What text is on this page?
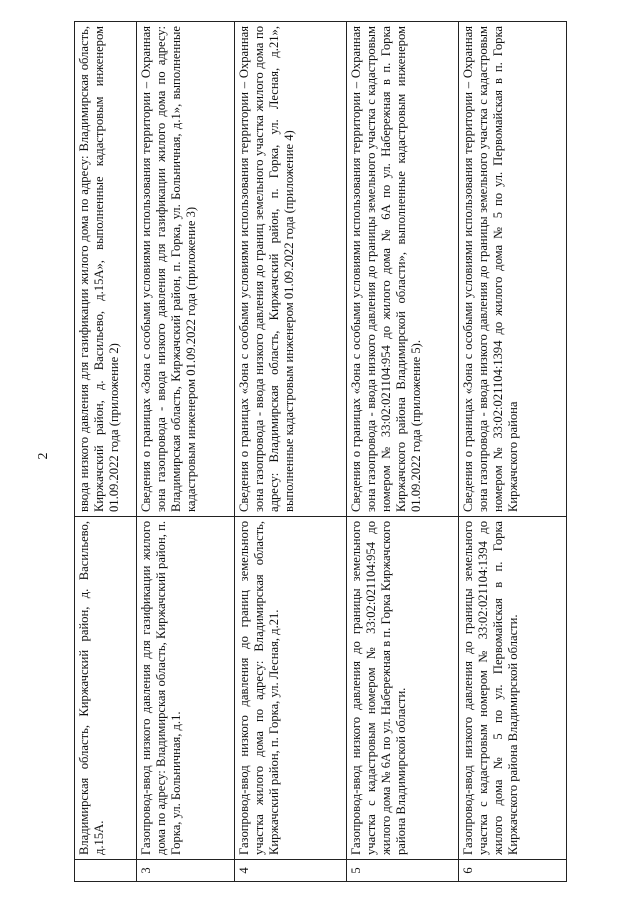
2
	Владимирская область, Киржачский район, д. Васильево, д.15А.	ввода низкого давления для газификации жилого дома по адресу: Владимирская область, Киржачский район, д. Васильево, д.15А», выполненные кадастровым инженером 01.09.2022 года (приложение 2)
3	Газопровод-ввод низкого давления для газификации жилого дома по адресу: Владимирская область, Киржачский район, п. Горка, ул. Больничная, д.1.	Сведения о границах «Зона с особыми условиями использования территории – Охранная зона газопровода - ввода низкого давления для газификации жилого дома по адресу: Владимирская область, Киржачский район, п. Горка, ул. Больничная, д.1», выполненные кадастровым инженером 01.09.2022 года (приложение 3)
4	Газопровод-ввод низкого давления до границ земельного участка жилого дома по адресу: Владимирская область, Киржачский район, п. Горка, ул. Лесная, д.21.	Сведения о границах «Зона с особыми условиями использования территории – Охранная зона газопровода - ввода низкого давления до границ земельного участка жилого дома по адресу: Владимирская область, Киржачский район, п. Горка, ул. Лесная, д.21», выполненные кадастровым инженером 01.09.2022 года (приложение 4)
5	Газопровод-ввод низкого давления до границы земельного участка с кадастровым номером № 33:02:021104:954 до жилого дома № 6А по ул. Набережная в п. Горка Киржачского района Владимирской области.	Сведения о границах «Зона с особыми условиями использования территории – Охранная зона газопровода - ввода низкого давления до границы земельного участка с кадастровым номером № 33:02:021104:954 до жилого дома № 6А по ул. Набережная в п. Горка Киржачского района Владимирской области», выполненные кадастровым инженером 01.09.2022 года (приложение 5).
6	Газопровод-ввод низкого давления до границы земельного участка с кадастровым номером № 33:02:021104:1394 до жилого дома № 5 по ул. Первомайская в п. Горка Киржачского района Владимирской области.	Сведения о границах «Зона с особыми условиями использования территории – Охранная зона газопровода - ввода низкого давления до границы земельного участка с кадастровым номером № 33:02:021104:1394 до жилого дома № 5 по ул. Первомайская в п. Горка Киржачского района
